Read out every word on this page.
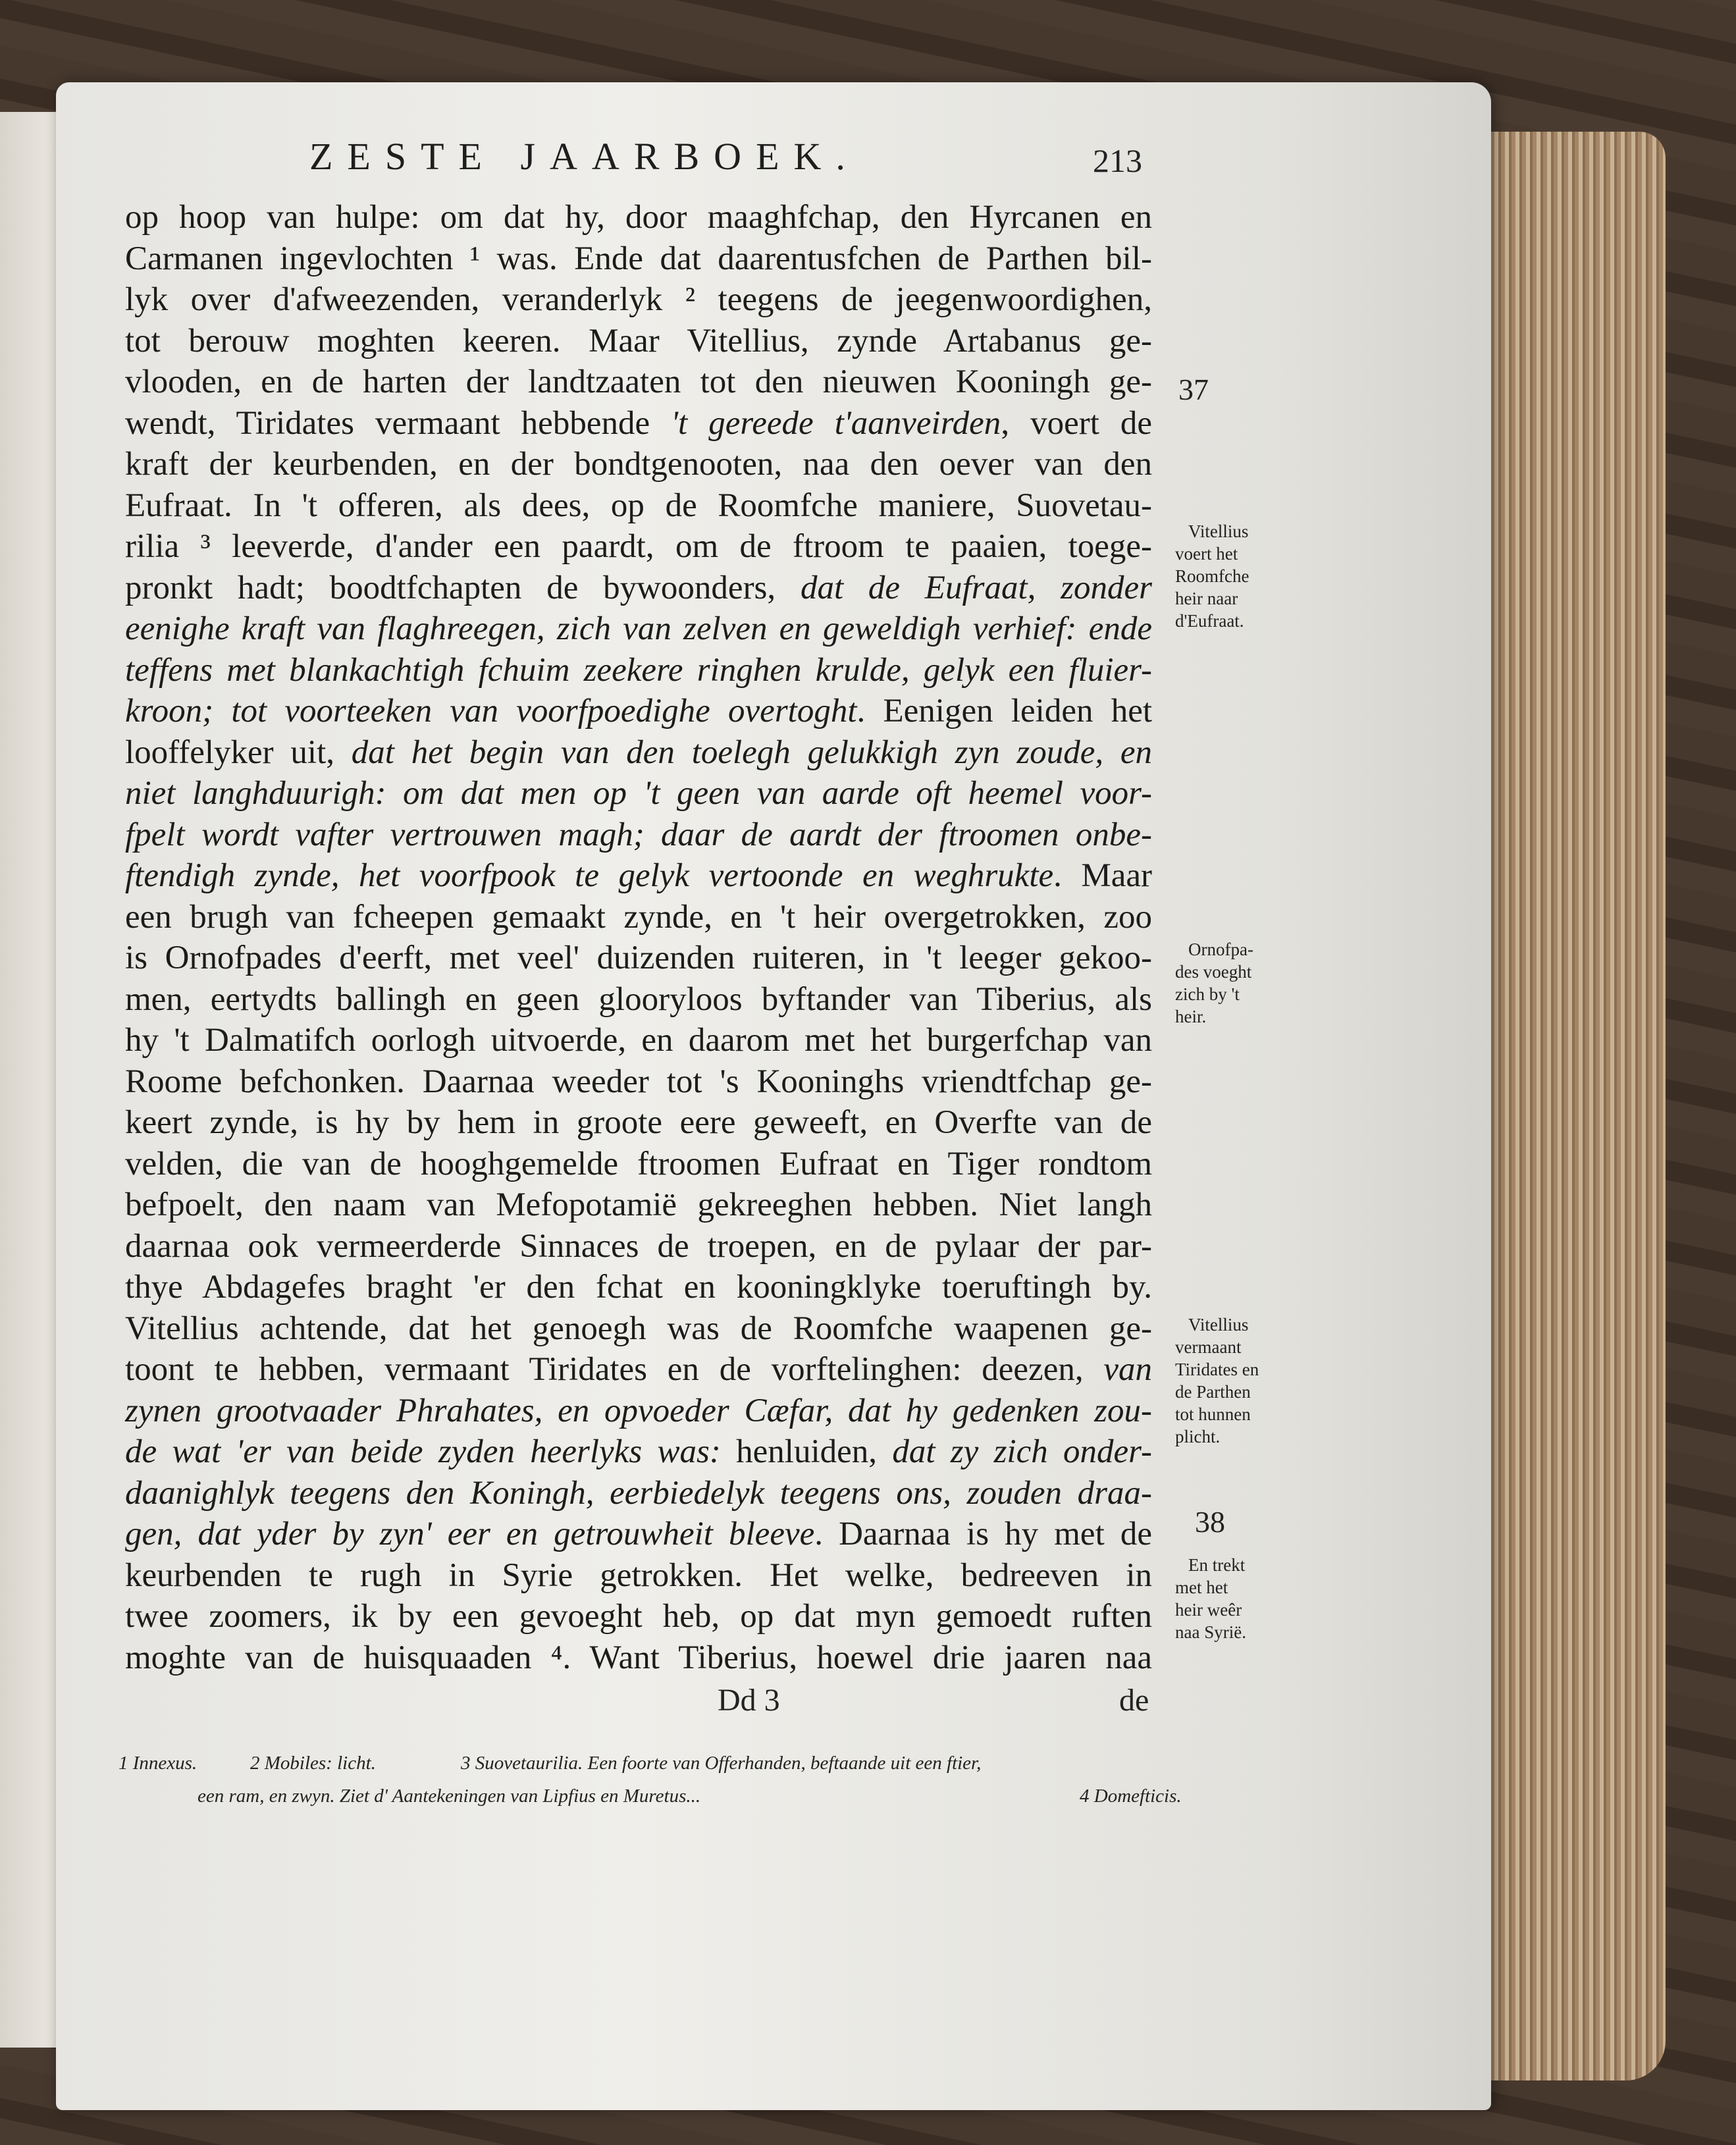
ZESTE JAARBOEK.	213
op hoop van hulpe: om dat hy, door maaghfchap, den Hyrcanen en
Carmanen ingevlochten ¹ was. Ende dat daarentusfchen de Parthen bil-
lyk over d'afweezenden, veranderlyk ² teegens de jeegenwoordighen,
tot berouw moghten keeren. Maar Vitellius, zynde Artabanus ge-
vlooden, en de harten der landtzaaten tot den nieuwen Kooningh ge-
wendt, Tiridates vermaant hebbende 't gereede t'aanveirden, voert de
kraft der keurbenden, en der bondtgenooten, naa den oever van den
Eufraat. In 't offeren, als dees, op de Roomfche maniere, Suovetau-
rilia ³ leeverde, d'ander een paardt, om de ftroom te paaien, toege-
pronkt hadt; boodtfchapten de bywoonders, dat de Eufraat, zonder
eenighe kraft van flaghreegen, zich van zelven en geweldigh verhief: ende
teffens met blankachtigh fchuim zeekere ringhen krulde, gelyk een fluier-
kroon; tot voorteeken van voorfpoedighe overtoght. Eenigen leiden het
looffelyker uit, dat het begin van den toelegh gelukkigh zyn zoude, en
niet langhduurigh: om dat men op 't geen van aarde oft heemel voor-
fpelt wordt vafter vertrouwen magh; daar de aardt der ftroomen onbe-
ftendigh zynde, het voorfpook te gelyk vertoonde en weghrukte. Maar
een brugh van fcheepen gemaakt zynde, en 't heir overgetrokken, zoo
is Ornofpades d'eerft, met veel' duizenden ruiteren, in 't leeger gekoo-
men, eertydts ballingh en geen glooryloos byftander van Tiberius, als
hy 't Dalmatifch oorlogh uitvoerde, en daarom met het burgerfchap van
Roome befchonken. Daarnaa weeder tot 's Kooninghs vriendtfchap ge-
keert zynde, is hy by hem in groote eere geweeft, en Overfte van de
velden, die van de hooghgemelde ftroomen Eufraat en Tiger rondtom
befpoelt, den naam van Mefopotamië gekreeghen hebben. Niet langh
daarnaa ook vermeerderde Sinnaces de troepen, en de pylaar der par-
thye Abdagefes braght 'er den fchat en kooningklyke toeruftingh by.
Vitellius achtende, dat het genoegh was de Roomfche waapenen ge-
toont te hebben, vermaant Tiridates en de vorftelinghen: deezen, van
zynen grootvaader Phrahates, en opvoeder Cæfar, dat hy gedenken zou-
de wat 'er van beide zyden heerlyks was: henluiden, dat zy zich onder-
daanighlyk teegens den Koningh, eerbiedelyk teegens ons, zouden draa-
gen, dat yder by zyn' eer en getrouwheit bleeve. Daarnaa is hy met de
keurbenden te rugh in Syrie getrokken. Het welke, bedreeven in
twee zoomers, ik by een gevoeght heb, op dat myn gemoedt ruften
moghte van de huisquaaden ⁴. Want Tiberius, hoewel drie jaaren naa
de
Dd 3
37
38
Vitellius
voert het
Roomfche
heir naar
d'Eufraat.
Ornofpa-
des voeght
zich by 't
heir.
Vitellius
vermaant
Tiridates en
de Parthen
tot hunnen
plicht.
En trekt
met het
heir weêr
naa Syrië.
1 Innexus.	2 Mobiles: licht.	3 Suovetaurilia. Een foorte van Offerhanden, beftaande uit een ftier,
een ram, en zwyn. Ziet d' Aantekeningen van Lipfius en Muretus...	4 Domefticis.
